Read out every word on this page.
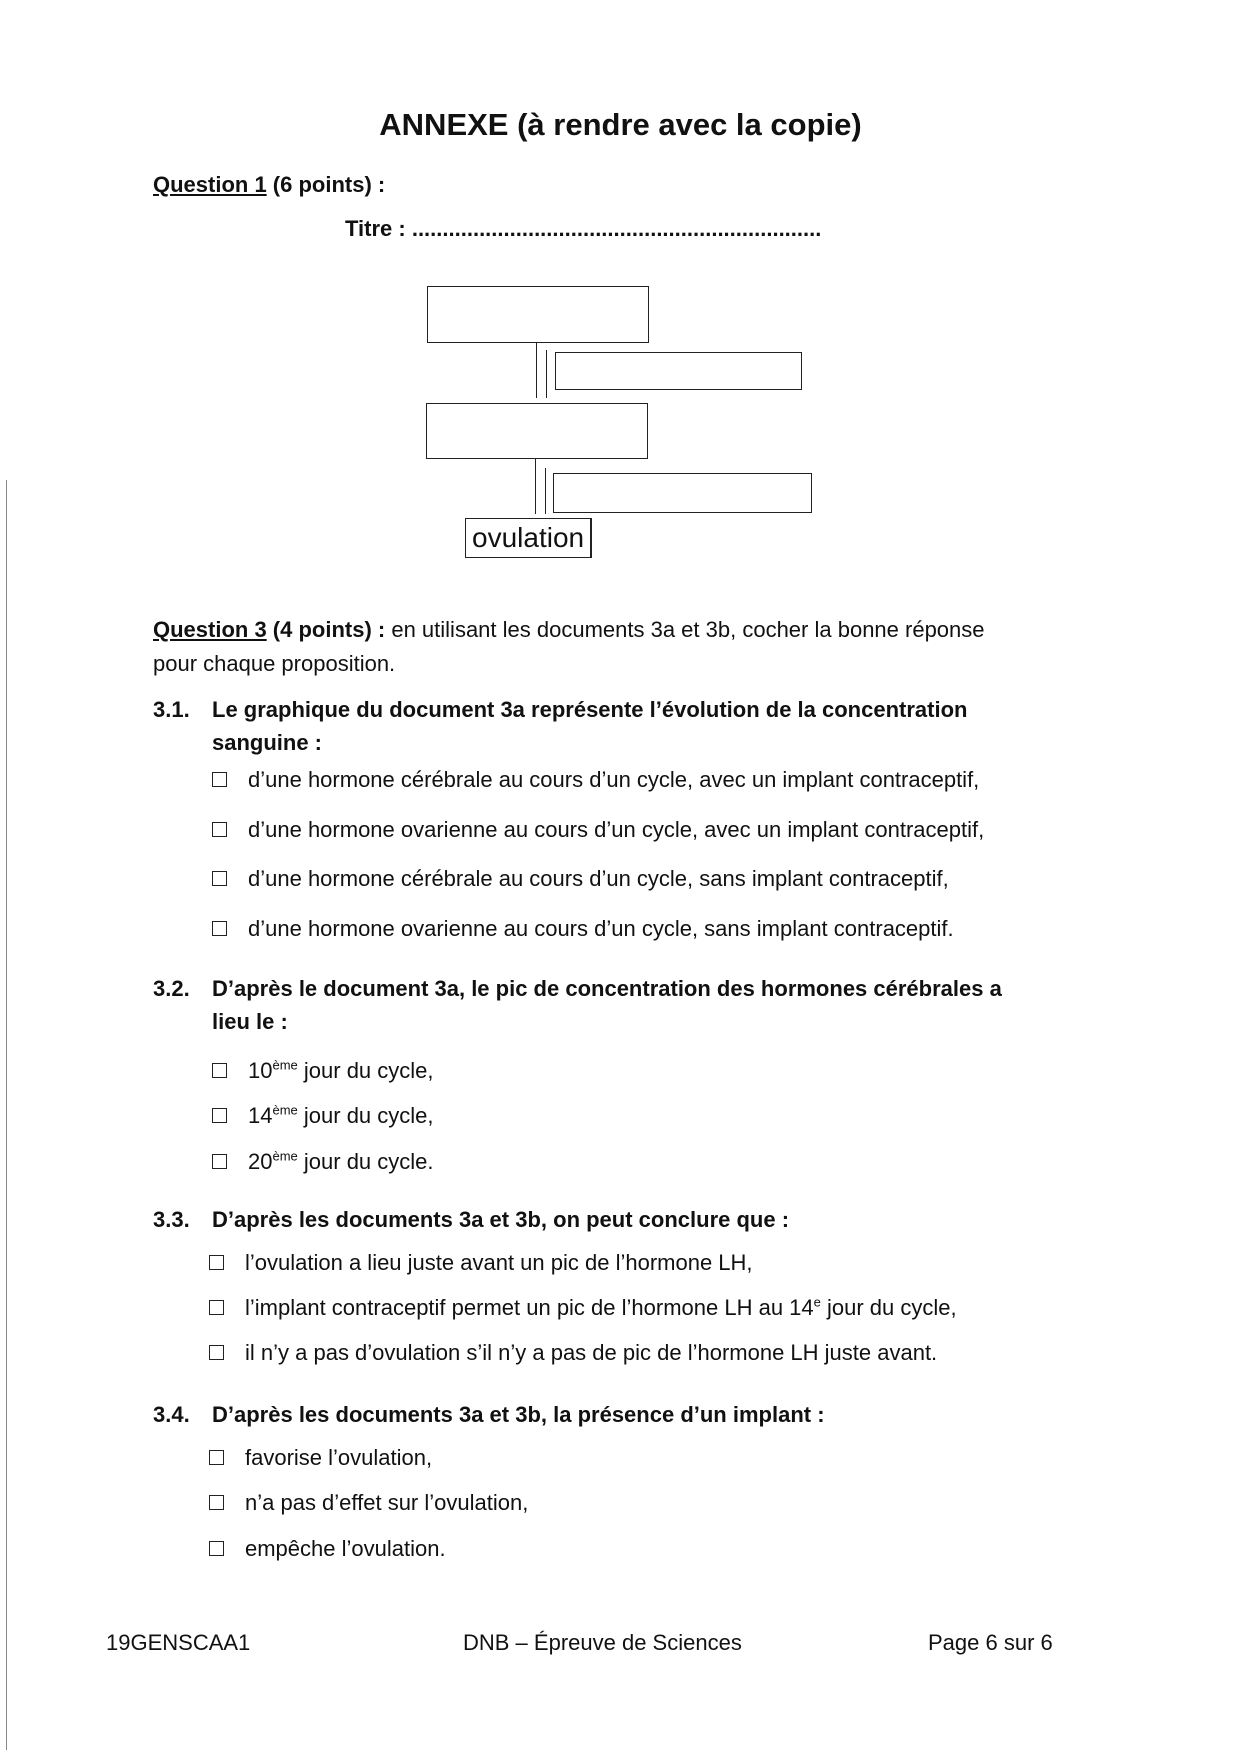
ANNEXE (à rendre avec la copie)
Question 1 (6 points) :
Titre : ...................................................................
ovulation
Question 3 (4 points) : en utilisant les documents 3a et 3b, cocher la bonne réponse
pour chaque proposition.
3.1. Le graphique du document 3a représente l’évolution de la concentration
sanguine :
d’une hormone cérébrale au cours d’un cycle, avec un implant contraceptif,
d’une hormone ovarienne au cours d’un cycle, avec un implant contraceptif,
d’une hormone cérébrale au cours d’un cycle, sans implant contraceptif,
d’une hormone ovarienne au cours d’un cycle, sans implant contraceptif.
3.2. D’après le document 3a, le pic de concentration des hormones cérébrales a
lieu le :
10ème jour du cycle,
14ème jour du cycle,
20ème jour du cycle.
3.3. D’après les documents 3a et 3b, on peut conclure que :
l’ovulation a lieu juste avant un pic de l’hormone LH,
l’implant contraceptif permet un pic de l’hormone LH au 14e jour du cycle,
il n’y a pas d’ovulation s’il n’y a pas de pic de l’hormone LH juste avant.
3.4. D’après les documents 3a et 3b, la présence d’un implant :
favorise l’ovulation,
n’a pas d’effet sur l’ovulation,
empêche l’ovulation.
19GENSCAA1	DNB – Épreuve de Sciences	Page 6 sur 6
